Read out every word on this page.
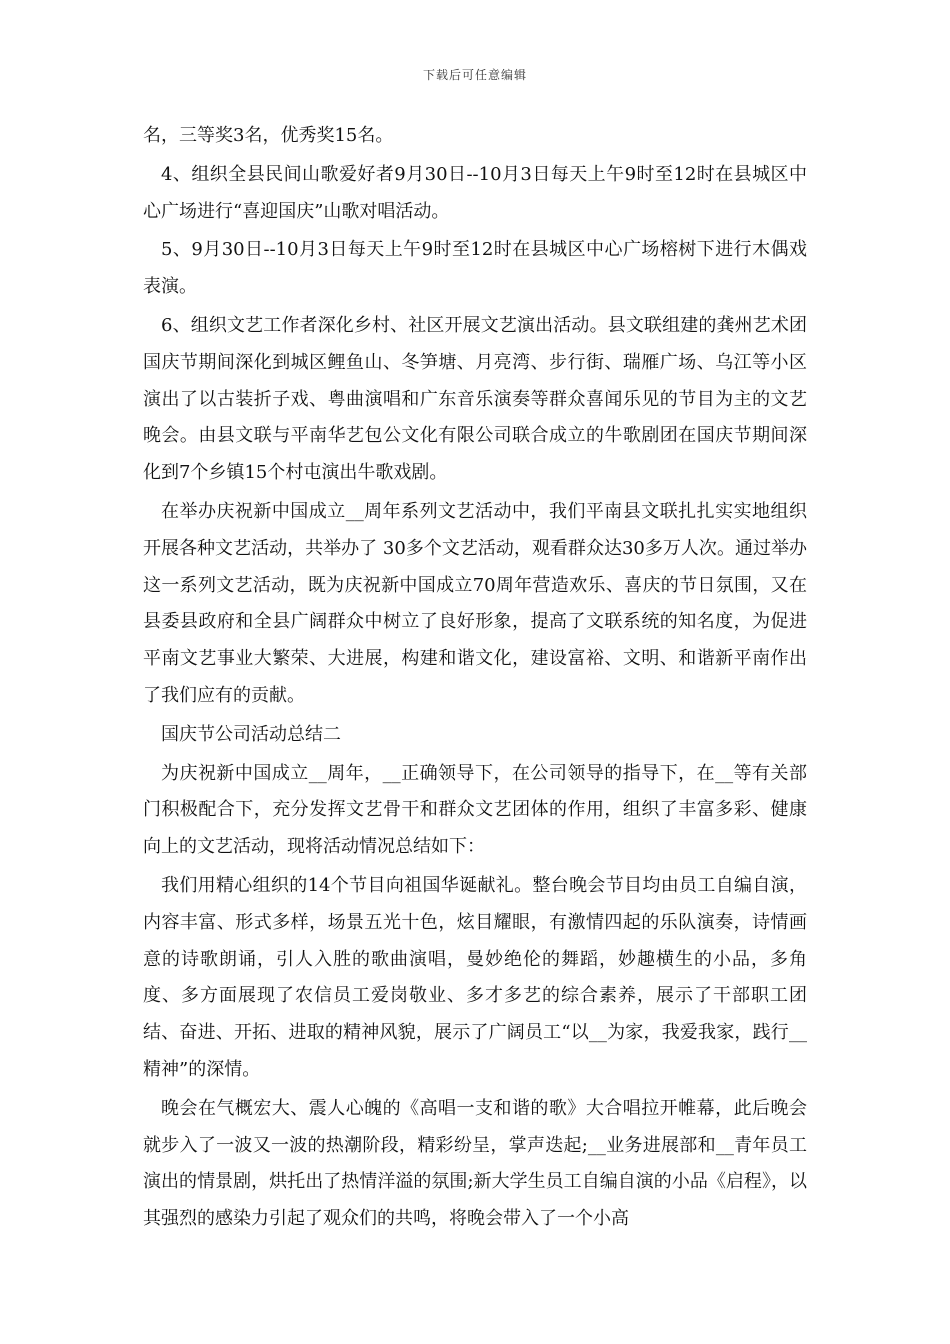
下载后可任意编辑

名，三等奖3名，优秀奖15名。

4、组织全县民间山歌爱好者9月30日--10月3日每天上午9时至12时在县城区中心广场进行“喜迎国庆”山歌对唱活动。

5、9月30日--10月3日每天上午9时至12时在县城区中心广场榕树下进行木偶戏表演。

6、组织文艺工作者深化乡村、社区开展文艺演出活动。县文联组建的龚州艺术团国庆节期间深化到城区鲤鱼山、冬笋塘、月亮湾、步行街、瑞雁广场、乌江等小区演出了以古装折子戏、粤曲演唱和广东音乐演奏等群众喜闻乐见的节目为主的文艺晚会。由县文联与平南华艺包公文化有限公司联合成立的牛歌剧团在国庆节期间深化到7个乡镇15个村屯演出牛歌戏剧。

在举办庆祝新中国成立__周年系列文艺活动中，我们平南县文联扎扎实实地组织开展各种文艺活动，共举办了 30多个文艺活动，观看群众达30多万人次。通过举办这一系列文艺活动，既为庆祝新中国成立70周年营造欢乐、喜庆的节日氛围，又在县委县政府和全县广阔群众中树立了良好形象，提高了文联系统的知名度，为促进平南文艺事业大繁荣、大进展，构建和谐文化，建设富裕、文明、和谐新平南作出了我们应有的贡献。

国庆节公司活动总结二

为庆祝新中国成立__周年，__正确领导下，在公司领导的指导下，在__等有关部门积极配合下，充分发挥文艺骨干和群众文艺团体的作用，组织了丰富多彩、健康向上的文艺活动，现将活动情况总结如下：

我们用精心组织的14个节目向祖国华诞献礼。整台晚会节目均由员工自编自演，内容丰富、形式多样，场景五光十色，炫目耀眼，有激情四起的乐队演奏，诗情画意的诗歌朗诵，引人入胜的歌曲演唱，曼妙绝伦的舞蹈，妙趣横生的小品，多角度、多方面展现了农信员工爱岗敬业、多才多艺的综合素养，展示了干部职工团结、奋进、开拓、进取的精神风貌，展示了广阔员工“以__为家，我爱我家，践行__精神”的深情。

晚会在气概宏大、震人心魄的《高唱一支和谐的歌》大合唱拉开帷幕，此后晚会就步入了一波又一波的热潮阶段，精彩纷呈，掌声迭起;__业务进展部和__青年员工演出的情景剧，烘托出了热情洋溢的氛围;新大学生员工自编自演的小品《启程》，以其强烈的感染力引起了观众们的共鸣，将晚会带入了一个小高
